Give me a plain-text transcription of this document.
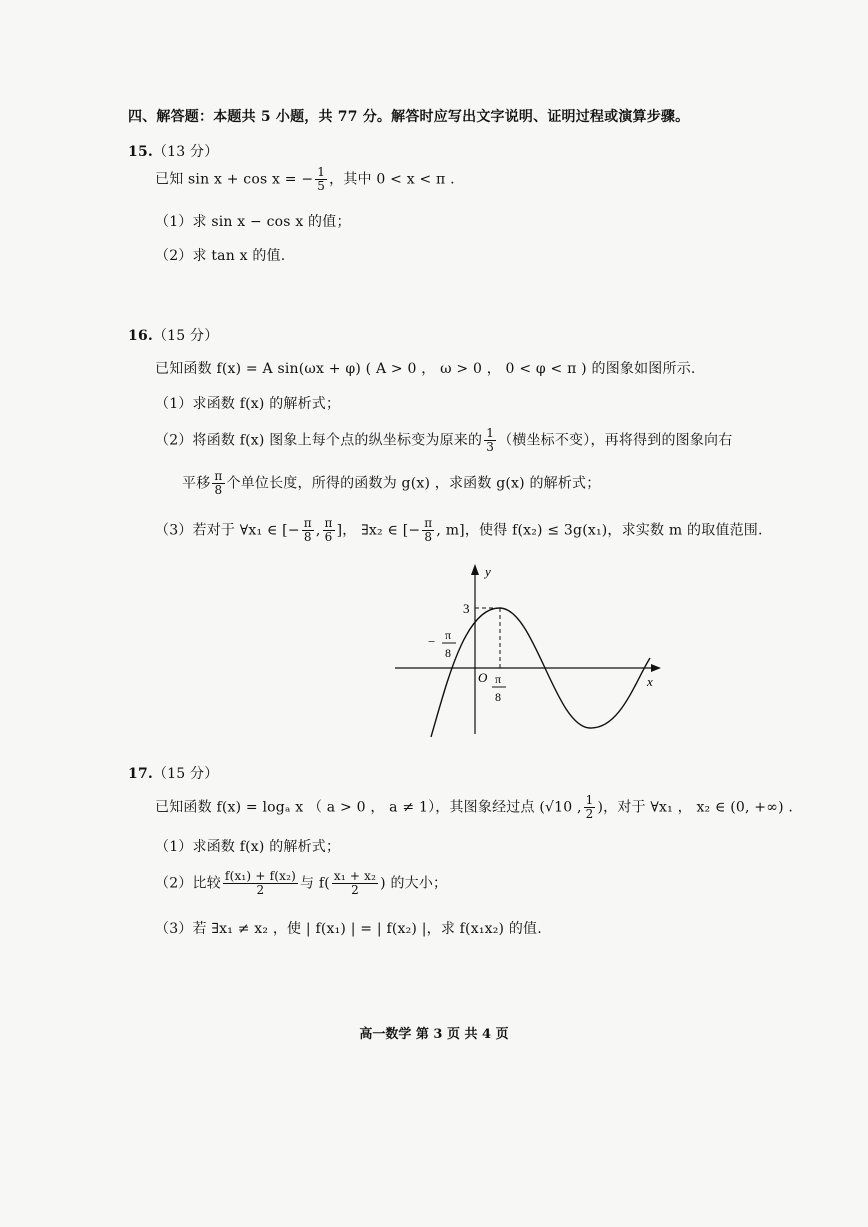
四、解答题：本题共 5 小题，共 77 分。解答时应写出文字说明、证明过程或演算步骤。
15.（13 分）
已知 sin x + cos x = − $\frac{1}{5}$ ，其中 0 < x < π .
（1）求 sin x − cos x 的值；
（2）求 tan x 的值.
16.（15 分）
已知函数 f(x) = A sin(ωx + φ) ( A > 0 ， ω > 0 ， 0 < φ < π ) 的图象如图所示.
（1）求函数 f(x) 的解析式；
（2）将函数 f(x) 图象上每个点的纵坐标变为原来的 $\frac{1}{3}$ （横坐标不变），再将得到的图象向右
平移 $\frac{\pi}{8}$ 个单位长度，所得的函数为 g(x) ，求函数 g(x) 的解析式；
（3）若对于 ∀x₁ ∈ [− $\frac{\pi}{8}$ , $\frac{\pi}{6}$ ]， ∃x₂ ∈ [− $\frac{\pi}{8}$ , m]，使得 f(x₂) ≤ 3g(x₁)，求实数 m 的取值范围.
y
x
O
3
− π
8
π
8
17.（15 分）
已知函数 f(x) = logₐ x （ a > 0 ， a ≠ 1），其图象经过点 (√10 , $\frac{1}{2}$ )，对于 ∀x₁ ， x₂ ∈ (0, +∞) .
（1）求函数 f(x) 的解析式；
（2）比较 $\frac{\text{f(x₁) + f(x₂)}}{2}$ 与 $f( \frac{\text{x₁ + x₂}}{2}$ ) 的大小；
（3）若 ∃x₁ ≠ x₂ ，使 | f(x₁) | = | f(x₂) |，求 f(x₁x₂) 的值.
高一数学 第 3 页 共 4 页
